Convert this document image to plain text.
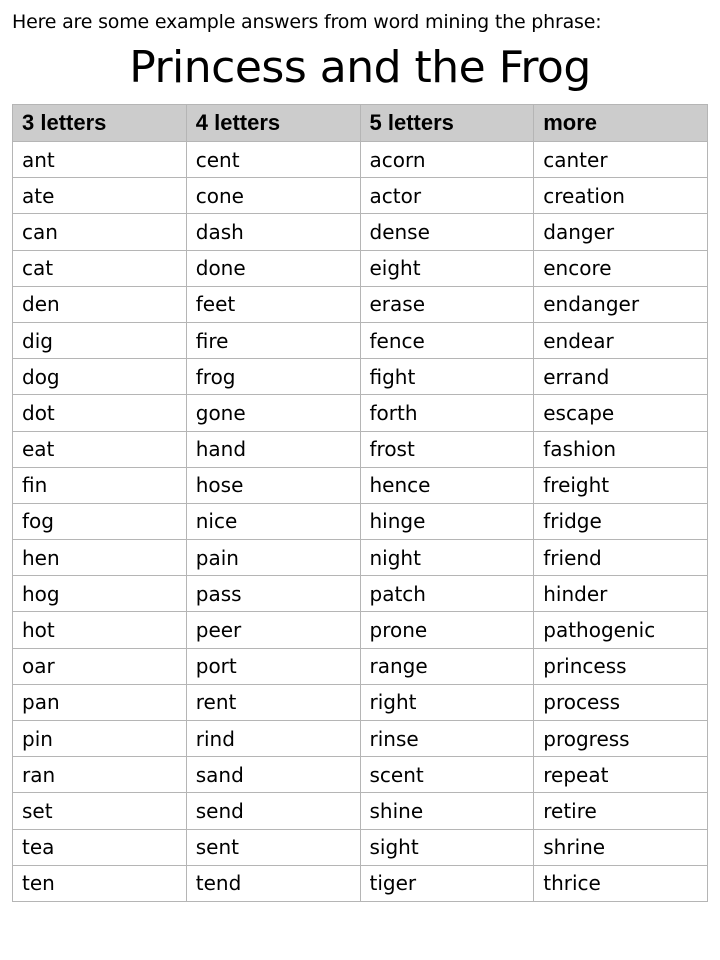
Here are some example answers from word mining the phrase:
Princess and the Frog
3 letters	4 letters	5 letters	more
ant	cent	acorn	canter
ate	cone	actor	creation
can	dash	dense	danger
cat	done	eight	encore
den	feet	erase	endanger
dig	fire	fence	endear
dog	frog	fight	errand
dot	gone	forth	escape
eat	hand	frost	fashion
fin	hose	hence	freight
fog	nice	hinge	fridge
hen	pain	night	friend
hog	pass	patch	hinder
hot	peer	prone	pathogenic
oar	port	range	princess
pan	rent	right	process
pin	rind	rinse	progress
ran	sand	scent	repeat
set	send	shine	retire
tea	sent	sight	shrine
ten	tend	tiger	thrice
